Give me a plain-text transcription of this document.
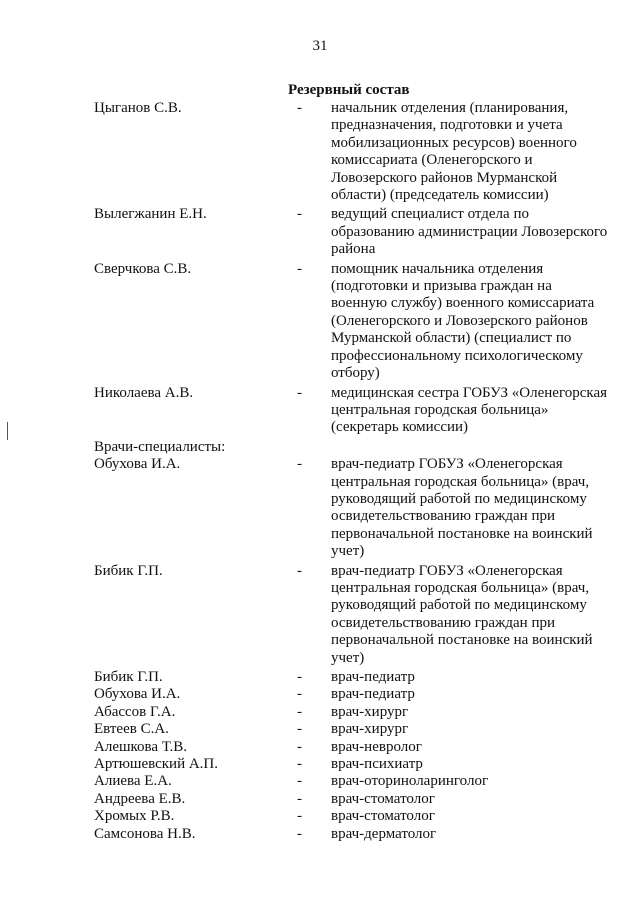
31
Резервный состав
Цыганов С.В.	- начальник отделения (планирования,
предназначения, подготовки и учета
мобилизационных ресурсов) военного
комиссариата (Оленегорского и
Ловозерского районов Мурманской
области) (председатель комиссии)
Вылегжанин Е.Н.	- ведущий специалист отдела по
образованию администрации Ловозерского
района
Сверчкова С.В.	- помощник начальника отделения
(подготовки и призыва граждан на
военную службу) военного комиссариата
(Оленегорского и Ловозерского районов
Мурманской области) (специалист по
профессиональному психологическому
отбору)
Николаева А.В.	- медицинская сестра ГОБУЗ «Оленегорская
центральная городская больница»
(секретарь комиссии)
Врачи-специалисты:
Обухова И.А.	- врач-педиатр ГОБУЗ «Оленегорская
центральная городская больница» (врач,
руководящий работой по медицинскому
освидетельствованию граждан при
первоначальной постановке на воинский
учет)
Бибик Г.П.	- врач-педиатр ГОБУЗ «Оленегорская
центральная городская больница» (врач,
руководящий работой по медицинскому
освидетельствованию граждан при
первоначальной постановке на воинский
учет)
Бибик Г.П.	- врач-педиатр
Обухова И.А.	- врач-педиатр
Абассов Г.А.	- врач-хирург
Евтеев С.А.	- врач-хирург
Алешкова Т.В.	- врач-невролог
Артюшевский А.П.	- врач-психиатр
Алиева Е.А.	- врач-оториноларинголог
Андреева Е.В.	- врач-стоматолог
Хромых Р.В.	- врач-стоматолог
Самсонова Н.В.	- врач-дерматолог
